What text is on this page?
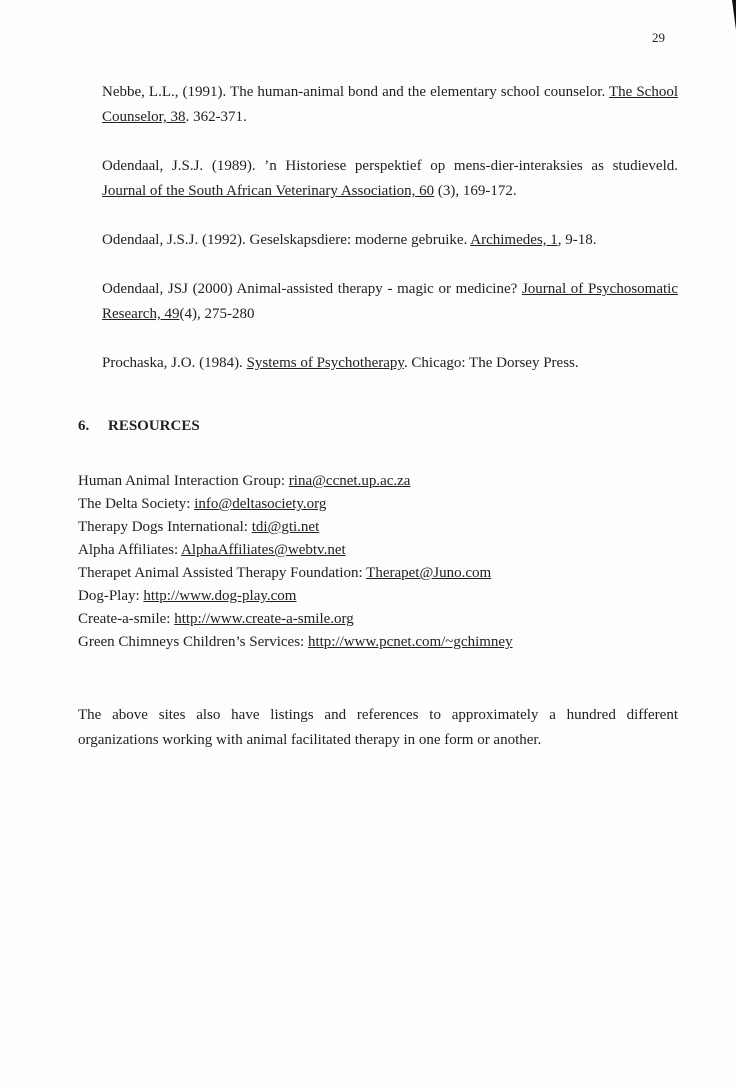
29

Nebbe, L.L., (1991). The human-animal bond and the elementary school counselor. The School Counselor, 38. 362-371.

Odendaal, J.S.J. (1989). ’n Historiese perspektief op mens-dier-interaksies as studieveld. Journal of the South African Veterinary Association, 60 (3), 169-172.

Odendaal, J.S.J. (1992). Geselskapsdiere: moderne gebruike. Archimedes, 1, 9-18.

Odendaal, JSJ (2000) Animal-assisted therapy - magic or medicine? Journal of Psychosomatic Research, 49(4), 275-280

Prochaska, J.O. (1984). Systems of Psychotherapy. Chicago: The Dorsey Press.

6. RESOURCES
Human Animal Interaction Group: rina@ccnet.up.ac.za
The Delta Society: info@deltasociety.org
Therapy Dogs International: tdi@gti.net
Alpha Affiliates: AlphaAffiliates@webtv.net
Therapet Animal Assisted Therapy Foundation: Therapet@Juno.com
Dog-Play: http://www.dog-play.com
Create-a-smile: http://www.create-a-smile.org
Green Chimneys Children’s Services: http://www.pcnet.com/~gchimney
The above sites also have listings and references to approximately a hundred different
organizations working with animal facilitated therapy in one form or another.
